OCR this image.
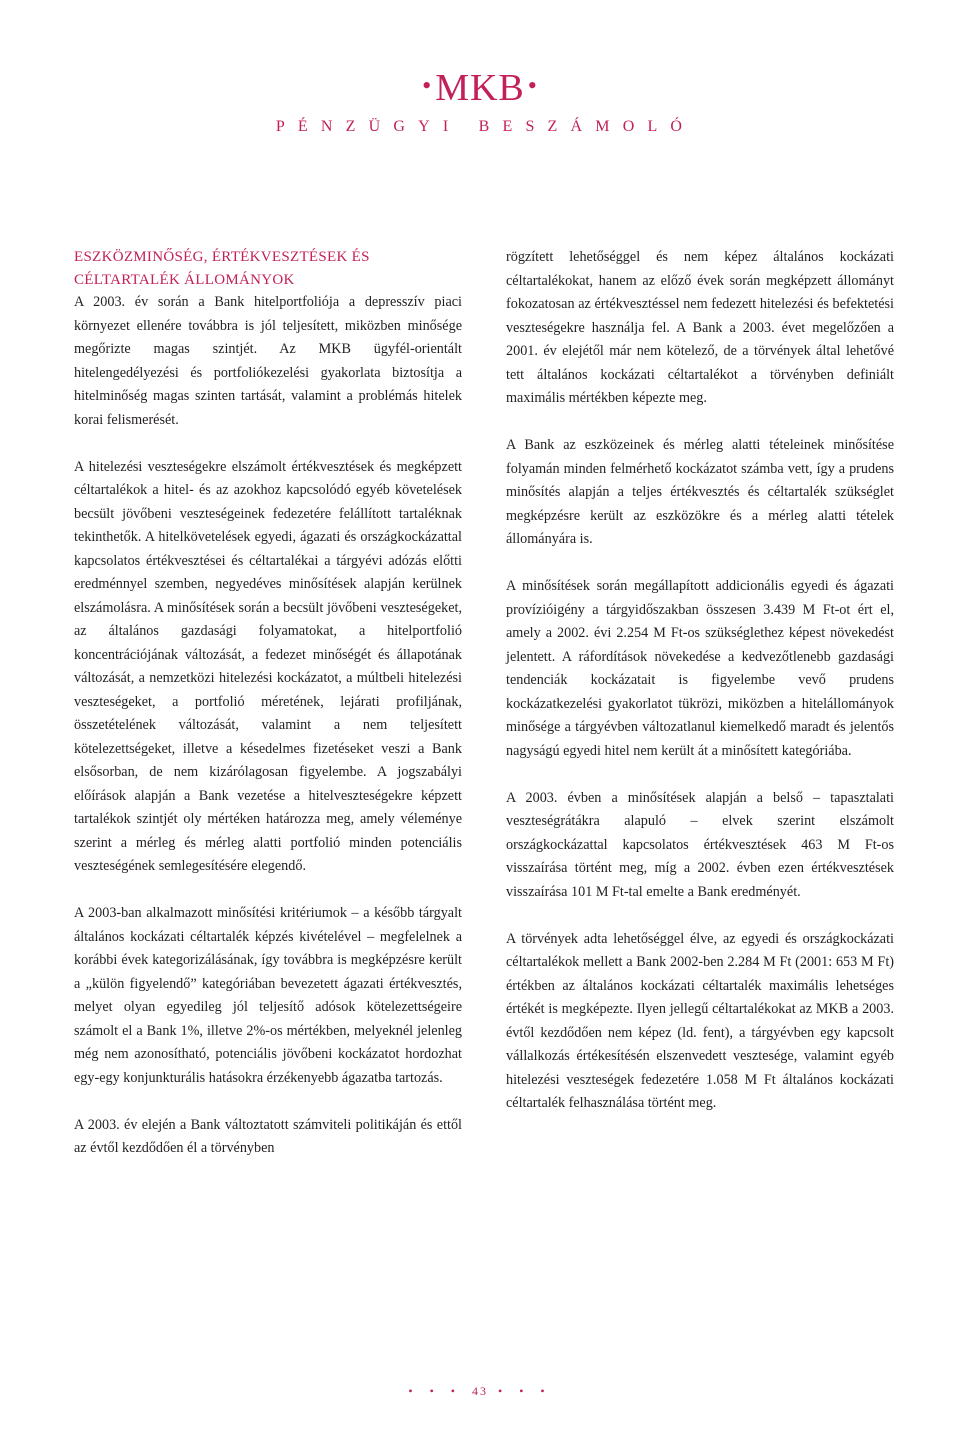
•MKB •
PÉNZÜGYI BESZÁMOLÓ
ESZKÖZMINŐSÉG, ÉRTÉKVESZTÉSEK ÉS
CÉLTARTALÉK ÁLLOMÁNYOK

A 2003. év során a Bank hitelportfoliója a depresszív piaci környezet ellenére továbbra is jól teljesített, miközben minősége megőrizte magas szintjét. Az MKB ügyfél-orientált hitelengedélyezési és portfoliókezelési gyakorlata biztosítja a hitelminőség magas szinten tartását, valamint a problémás hitelek korai felismerését.

A hitelezési veszteségekre elszámolt értékvesztések és megképzett céltartalékok a hitel- és az azokhoz kapcsolódó egyéb követelések becsült jövőbeni veszteségeinek fedezetére felállított tartaléknak tekinthetők. A hitelkövetelések egyedi, ágazati és országkockázattal kapcsolatos értékvesztései és céltartalékai a tárgyévi adózás előtti eredménnyel szemben, negyedéves minősítések alapján kerülnek elszámolásra. A minősítések során a becsült jövőbeni veszteségeket, az általános gazdasági folyamatokat, a hitelportfolió koncentrációjának változását, a fedezet minőségét és állapotának változását, a nemzetközi hitelezési kockázatot, a múltbeli hitelezési veszteségeket, a portfolió méretének, lejárati profiljának, összetételének változását, valamint a nem teljesített kötelezettségeket, illetve a késedelmes fizetéseket veszi a Bank elsősorban, de nem kizárólagosan figyelembe. A jogszabályi előírások alapján a Bank vezetése a hitelveszteségekre képzett tartalékok szintjét oly mértéken határozza meg, amely véleménye szerint a mérleg és mérleg alatti portfolió minden potenciális veszteségének semlegesítésére elegendő.

A 2003-ban alkalmazott minősítési kritériumok – a később tárgyalt általános kockázati céltartalék képzés kivételével – megfelelnek a korábbi évek kategorizálásának, így továbbra is megképzésre került a „külön figyelendő” kategóriában bevezetett ágazati értékvesztés, melyet olyan egyedileg jól teljesítő adósok kötelezettségeire számolt el a Bank 1%, illetve 2%-os mértékben, melyeknél jelenleg még nem azonosítható, potenciális jövőbeni kockázatot hordozhat egy-egy konjunkturális hatásokra érzékenyebb ágazatba tartozás.

A 2003. év elején a Bank változtatott számviteli politikáján és ettől az évtől kezdődően él a törvényben

rögzített lehetőséggel és nem képez általános kockázati céltartalékokat, hanem az előző évek során megképzett állományt fokozatosan az értékvesztéssel nem fedezett hitelezési és befektetési veszteségekre használja fel. A Bank a 2003. évet megelőzően a 2001. év elejétől már nem kötelező, de a törvények által lehetővé tett általános kockázati céltartalékot a törvényben definiált maximális mértékben képezte meg.

A Bank az eszközeinek és mérleg alatti tételeinek minősítése folyamán minden felmérhető kockázatot számba vett, így a prudens minősítés alapján a teljes értékvesztés és céltartalék szükséglet megképzésre került az eszközökre és a mérleg alatti tételek állományára is.

A minősítések során megállapított addicionális egyedi és ágazati provízióigény a tárgyidőszakban összesen 3.439 M Ft-ot ért el, amely a 2002. évi 2.254 M Ft-os szükséglethez képest növekedést jelentett. A ráfordítások növekedése a kedvezőtlenebb gazdasági tendenciák kockázatait is figyelembe vevő prudens kockázatkezelési gyakorlatot tükrözi, miközben a hitelállományok minősége a tárgyévben változatlanul kiemelkedő maradt és jelentős nagyságú egyedi hitel nem került át a minősített kategóriába.

A 2003. évben a minősítések alapján a belső – tapasztalati veszteségrátákra alapuló – elvek szerint elszámolt országkockázattal kapcsolatos értékvesztések 463 M Ft-os visszaírása történt meg, míg a 2002. évben ezen értékvesztések visszaírása 101 M Ft-tal emelte a Bank eredményét.

A törvények adta lehetőséggel élve, az egyedi és országkockázati céltartalékok mellett a Bank 2002-ben 2.284 M Ft (2001: 653 M Ft) értékben az általános kockázati céltartalék maximális lehetséges értékét is megképezte. Ilyen jellegű céltartalékokat az MKB a 2003. évtől kezdődően nem képez (ld. fent), a tárgyévben egy kapcsolt vállalkozás értékesítésén elszenvedett vesztesége, valamint egyéb hitelezési veszteségek fedezetére 1.058 M Ft általános kockázati céltartalék felhasználása történt meg.

• • • 43 • • •
